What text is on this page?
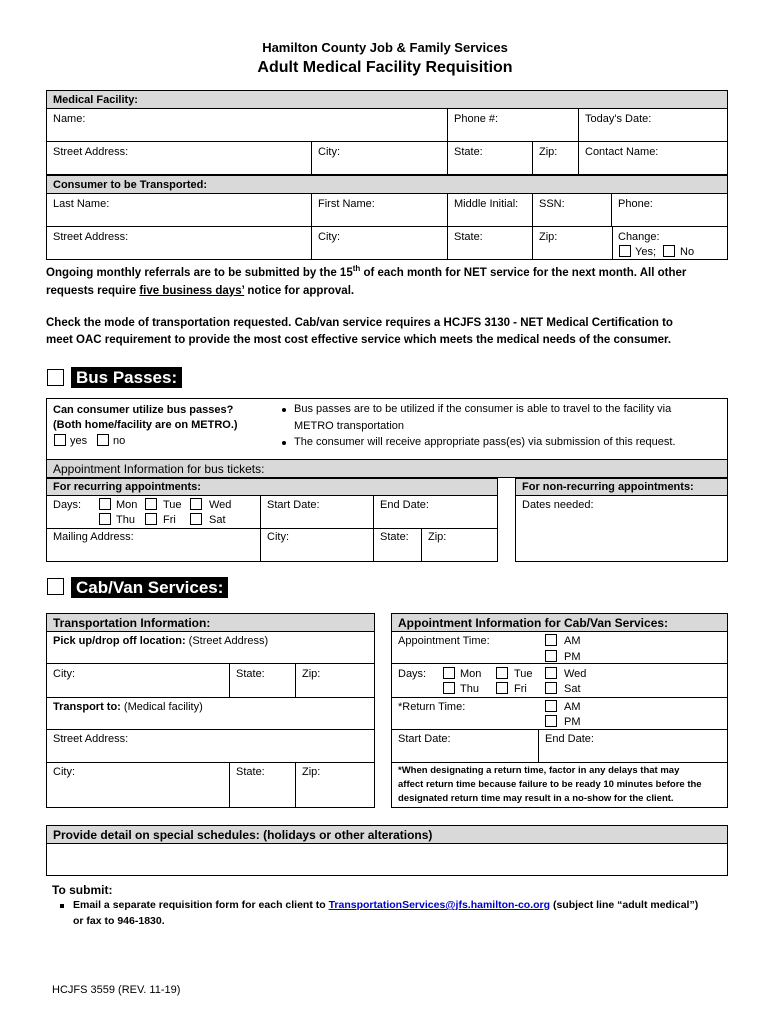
Hamilton County Job & Family Services
Adult Medical Facility Requisition
Medical Facility:
Name:	Phone #:	Today's Date:
Street Address:	City:	State:	Zip:	Contact Name:
Consumer to be Transported:
Last Name:	First Name:	Middle Initial: SSN:	Phone:
Street Address:	City:	State:	Zip:	Change:
Yes; No
Ongoing monthly referrals are to be submitted by the 15th of each month for NET service for the next month. All other
requests require five business days’ notice for approval.
Check the mode of transportation requested. Cab/van service requires a HCJFS 3130 - NET Medical Certification to
meet OAC requirement to provide the most cost effective service which meets the medical needs of the consumer.
Bus Passes:
Can consumer utilize bus passes?
(Both home/facility are on METRO.)
yes no
Bus passes are to be utilized if the consumer is able to travel to the facility via
METRO transportation
The consumer will receive appropriate pass(es) via submission of this request.
Appointment Information for bus tickets:
For recurring appointments:
Days:	Mon Tue Wed
Thu	Fri	Sat
Start Date:	End Date:
Mailing Address:	City:	State: Zip:
For non-recurring appointments:
Dates needed:
Cab/Van Services:
Transportation Information:
Pick up/drop off location: (Street Address)
City:	State:	Zip:
Transport to: (Medical facility)
Street Address:
City:	State:	Zip:
Appointment Information for Cab/Van Services:
Appointment Time:	AM
PM
Days:	Mon	Tue	Wed
Thu	Fri	Sat
*Return Time:	AM
PM
Start Date:	End Date:
*When designating a return time, factor in any delays that may
affect return time because failure to be ready 10 minutes before the
designated return time may result in a no-show for the client.
Provide detail on special schedules: (holidays or other alterations)
To submit:
Email a separate requisition form for each client to TransportationServices@jfs.hamilton-co.org (subject line “adult medical”)
or fax to 946-1830.
HCJFS 3559 (REV. 11-19)
